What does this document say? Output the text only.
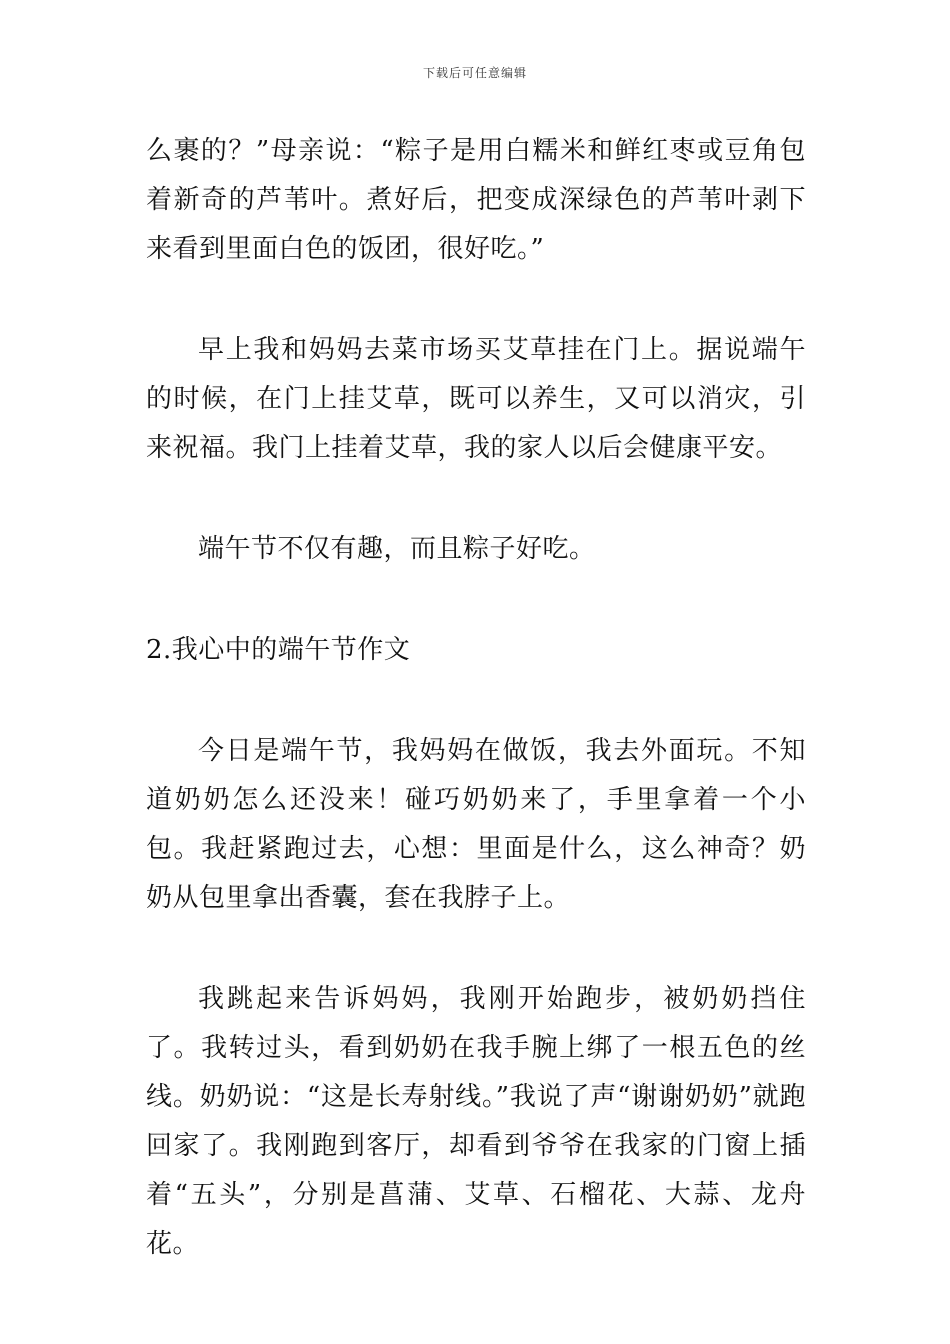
下载后可任意编辑

么裹的？”母亲说：“粽子是用白糯米和鲜红枣或豆角包着新奇的芦苇叶。煮好后，把变成深绿色的芦苇叶剥下来看到里面白色的饭团，很好吃。”

早上我和妈妈去菜市场买艾草挂在门上。据说端午的时候，在门上挂艾草，既可以养生，又可以消灾，引来祝福。我门上挂着艾草，我的家人以后会健康平安。

端午节不仅有趣，而且粽子好吃。

2.我心中的端午节作文

今日是端午节，我妈妈在做饭，我去外面玩。不知道奶奶怎么还没来！碰巧奶奶来了，手里拿着一个小包。我赶紧跑过去，心想：里面是什么，这么神奇？奶奶从包里拿出香囊，套在我脖子上。

我跳起来告诉妈妈，我刚开始跑步，被奶奶挡住了。我转过头，看到奶奶在我手腕上绑了一根五色的丝线。奶奶说：“这是长寿射线。”我说了声“谢谢奶奶”就跑回家了。我刚跑到客厅，却看到爷爷在我家的门窗上插着“五头”，分别是菖蒲、艾草、石榴花、大蒜、龙舟花。
